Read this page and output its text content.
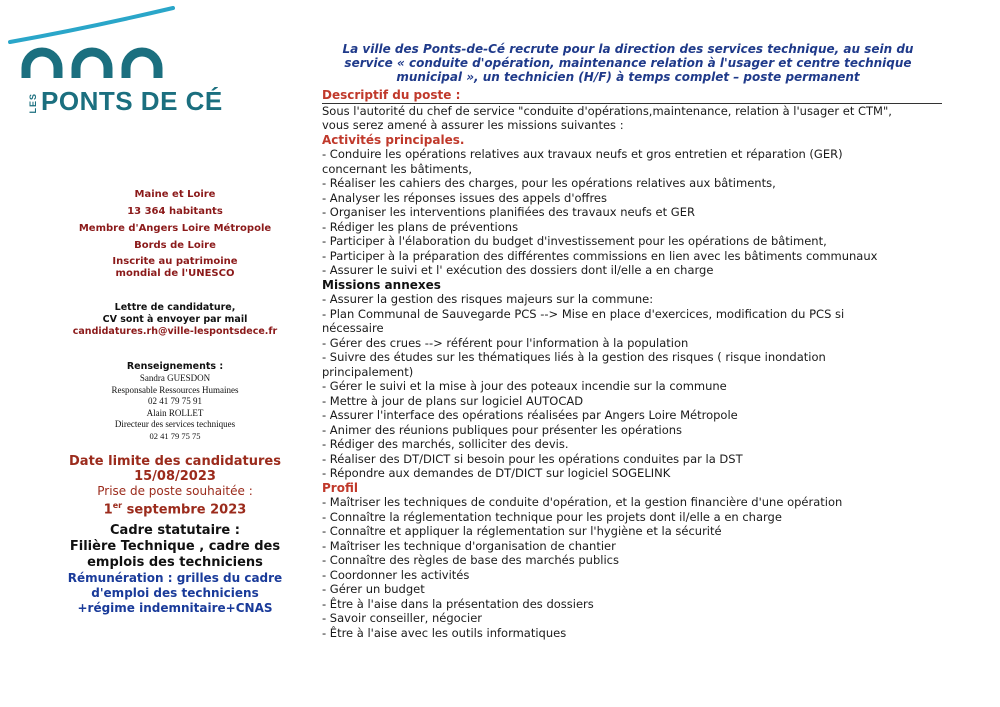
LES PONTS DE CÉ
Maine et Loire
13 364 habitants
Membre d'Angers Loire Métropole
Bords de Loire
Inscrite au patrimoine
mondial de l'UNESCO
Lettre de candidature,
CV sont à envoyer par mail
candidatures.rh@ville-lespontsdece.fr
Renseignements :
Sandra GUESDON
Responsable Ressources Humaines
02 41 79 75 91
Alain ROLLET
Directeur des services techniques
02 41 79 75 75
Date limite des candidatures
15/08/2023
Prise de poste souhaitée :
1er septembre 2023
Cadre statutaire :
Filière Technique , cadre des
emplois des techniciens
Rémunération : grilles du cadre
d'emploi des techniciens
+régime indemnitaire+CNAS
La ville des Ponts-de-Cé recrute pour la direction des services technique, au sein du
service « conduite d'opération, maintenance relation à l'usager et centre technique
municipal », un technicien (H/F) à temps complet – poste permanent
Descriptif du poste :
Sous l'autorité du chef de service "conduite d'opérations,maintenance, relation à l'usager et CTM",
vous serez amené à assurer les missions suivantes :
Activités principales.
- Conduire les opérations relatives aux travaux neufs et gros entretien et réparation (GER)
concernant les bâtiments,
- Réaliser les cahiers des charges, pour les opérations relatives aux bâtiments,
- Analyser les réponses issues des appels d'offres
- Organiser les interventions planifiées des travaux neufs et GER
- Rédiger les plans de préventions
- Participer à l'élaboration du budget d'investissement pour les opérations de bâtiment,
- Participer à la préparation des différentes commissions en lien avec les bâtiments communaux
- Assurer le suivi et l' exécution des dossiers dont il/elle a en charge
Missions annexes
- Assurer la gestion des risques majeurs sur la commune:
- Plan Communal de Sauvegarde PCS --> Mise en place d'exercices, modification du PCS si
nécessaire
- Gérer des crues --> référent pour l'information à la population
- Suivre des études sur les thématiques liés à la gestion des risques ( risque inondation
principalement)
- Gérer le suivi et la mise à jour des poteaux incendie sur la commune
- Mettre à jour de plans sur logiciel AUTOCAD
- Assurer l'interface des opérations réalisées par Angers Loire Métropole
- Animer des réunions publiques pour présenter les opérations
- Rédiger des marchés, solliciter des devis.
- Réaliser des DT/DICT si besoin pour les opérations conduites par la DST
- Répondre aux demandes de DT/DICT sur logiciel SOGELINK
Profil
- Maîtriser les techniques de conduite d'opération, et la gestion financière d'une opération
- Connaître la réglementation technique pour les projets dont il/elle a en charge
- Connaître et appliquer la réglementation sur l'hygiène et la sécurité
- Maîtriser les technique d'organisation de chantier
- Connaître des règles de base des marchés publics
- Coordonner les activités
- Gérer un budget
- Être à l'aise dans la présentation des dossiers
- Savoir conseiller, négocier
- Être à l'aise avec les outils informatiques
